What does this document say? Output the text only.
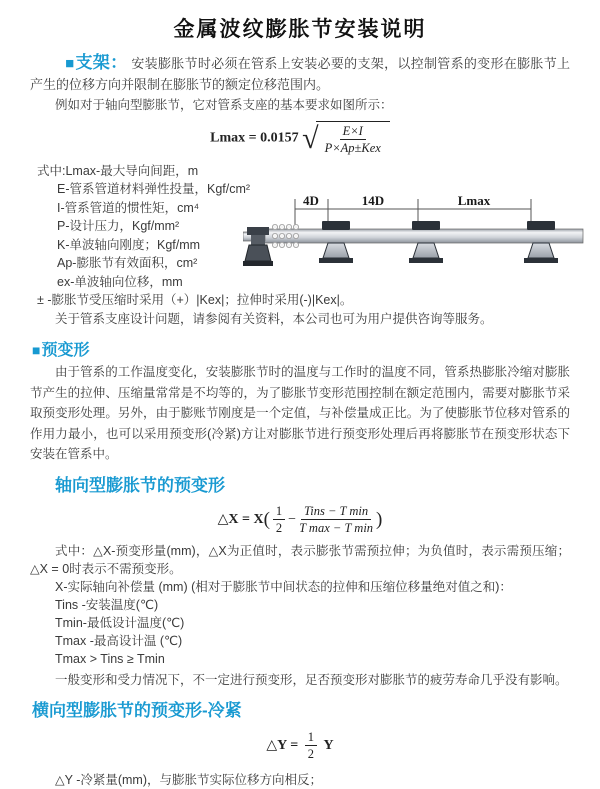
金属波纹膨胀节安装说明

■支架： 安装膨胀节时必须在管系上安装必要的支架，以控制管系的变形在膨胀节上产生的位移方向并限制在膨胀节的额定位移范围内。

例如对于轴向型膨胀节，它对管系支座的基本要求如图所示：

Lmax = 0.0157 √ $\frac{E\times I}{\text{P×Ap±Kex}}$
式中:Lmax-最大导向间距，m
E-管系管道材料弹性投量，Kgf/cm²
I-管系管道的惯性矩，cm⁴
P-设计压力，Kgf/mm²
K-单波轴向刚度；Kgf/mm
Ap-膨胀节有效面积，cm²
ex-单波轴向位移，mm
± -膨胀节受压缩时采用（+）|Kex|；拉伸时采用(-)|Kex|。
关于管系支座设计问题，请参阅有关资料，本公司也可为用户提供咨询等服务。
■预变形

由于管系的工作温度变化，安装膨胀节时的温度与工作时的温度不同，管系热膨胀冷缩对膨胀节产生的拉伸、压缩量常常是不均等的，为了膨胀节变形范围控制在额定范围内，需要对膨胀节采取预变形处理。另外，由于膨账节刚度是一个定值，与补偿量成正比。为了使膨胀节位移对管系的作用力最小，也可以采用预变形(冷紧)方让对膨胀节进行预变形处理后再将膨胀节在预变形状态下安装在管系中。

轴向型膨胀节的预变形
△X = $X( \frac{1}{2} - \frac{\text{Tins − T min}}{\text{T max − T min}}$ )

式中：△X-预变形量(mm)，△X为正值时，表示膨张节需预拉伸；为负值时，表示需预压缩；△X = 0时表示不需预变形。

X-实际轴向补偿量 (mm) (相对于膨胀节中间状态的拉伸和压缩位移量绝对值之和)：
Tins -安装温度(℃)
Tmin-最低设计温度(℃)
Tmax -最高设计温 (℃)
Tmax > Tins ≥ Tmin

一般变形和受力情况下，不一定进行预变形，足否预变形对膨胀节的疲劳寿命几乎没有影响。

横向型膨胀节的预变形-冷紧
△Y = $\frac{1}{2}$ Y
△Y -冷紧量(mm)，与膨胀节实际位移方向相反；
4D	14D	Lmax
